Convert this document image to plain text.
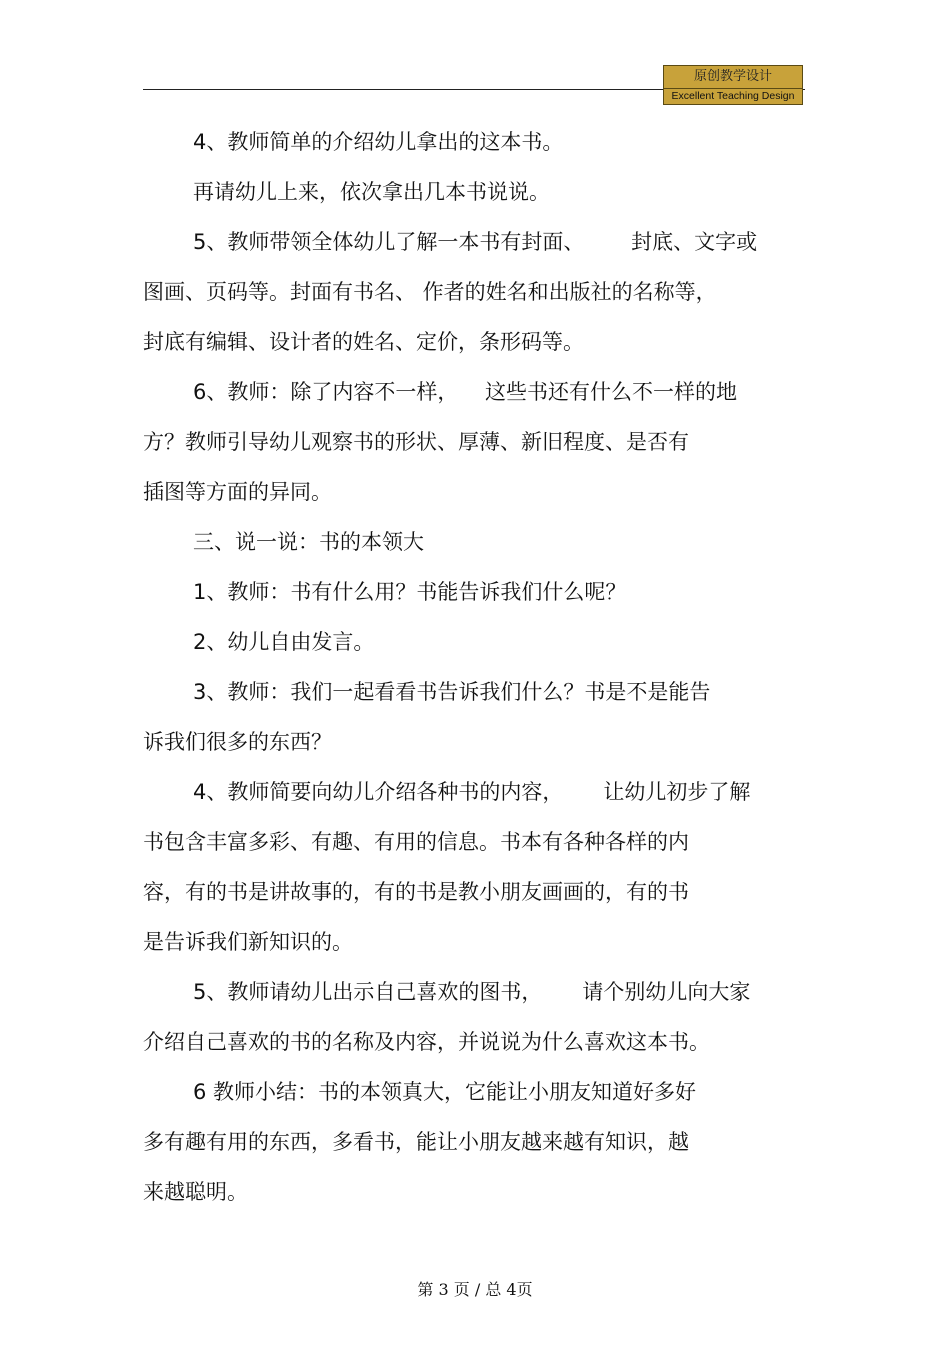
原创教学设计
Excellent Teaching Design
4、教师简单的介绍幼儿拿出的这本书。
再请幼儿上来，依次拿出几本书说说。
5、教师带领全体幼儿了解一本书有封面、       封底、文字或
图画、页码等。封面有书名、 作者的姓名和出版社的名称等，
封底有编辑、设计者的姓名、定价，条形码等。
6、教师：除了内容不一样，    这些书还有什么不一样的地
方？教师引导幼儿观察书的形状、厚薄、新旧程度、是否有
插图等方面的异同。
三、说一说：书的本领大
1、教师：书有什么用？书能告诉我们什么呢？
2、幼儿自由发言。
3、教师：我们一起看看书告诉我们什么？书是不是能告
诉我们很多的东西？
4、教师简要向幼儿介绍各种书的内容，      让幼儿初步了解
书包含丰富多彩、有趣、有用的信息。书本有各种各样的内
容，有的书是讲故事的，有的书是教小朋友画画的，有的书
是告诉我们新知识的。
5、教师请幼儿出示自己喜欢的图书，      请个别幼儿向大家
介绍自己喜欢的书的名称及内容，并说说为什么喜欢这本书。
6 教师小结：书的本领真大，它能让小朋友知道好多好
多有趣有用的东西，多看书，能让小朋友越来越有知识，越
来越聪明。
第 3 页 / 总 4页
